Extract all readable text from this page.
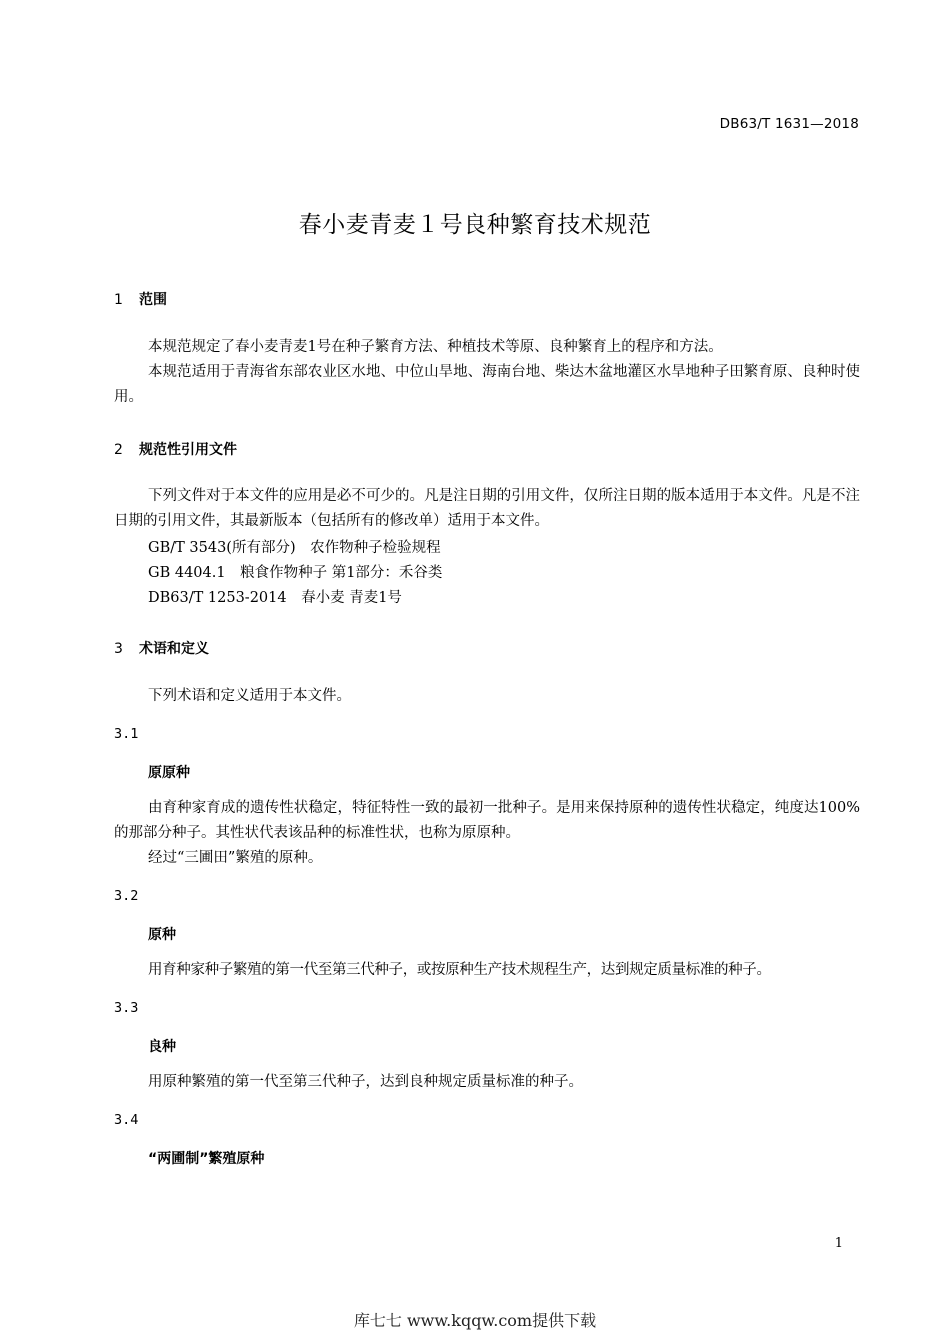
DB63/T 1631—2018
春小麦青麦１号良种繁育技术规范
1 范围

本规范规定了春小麦青麦1号在种子繁育方法、种植技术等原、良种繁育上的程序和方法。

本规范适用于青海省东部农业区水地、中位山旱地、海南台地、柴达木盆地灌区水旱地种子田繁育原、良种时使用。

2 规范性引用文件

下列文件对于本文件的应用是必不可少的。凡是注日期的引用文件，仅所注日期的版本适用于本文件。凡是不注日期的引用文件，其最新版本（包括所有的修改单）适用于本文件。

GB/T 3543(所有部分)　农作物种子检验规程
GB 4404.1　粮食作物种子 第1部分：禾谷类
DB63/T 1253-2014　春小麦 青麦1号
3 术语和定义

下列术语和定义适用于本文件。

3.1
原原种

由育种家育成的遗传性状稳定，特征特性一致的最初一批种子。是用来保持原种的遗传性状稳定，纯度达100%的那部分种子。其性状代表该品种的标准性状，也称为原原种。

经过“三圃田”繁殖的原种。

3.2
原种

用育种家种子繁殖的第一代至第三代种子，或按原种生产技术规程生产，达到规定质量标准的种子。

3.3
良种

用原种繁殖的第一代至第三代种子，达到良种规定质量标准的种子。

3.4
“两圃制”繁殖原种
1
库七七 www.kqqw.com提供下载
